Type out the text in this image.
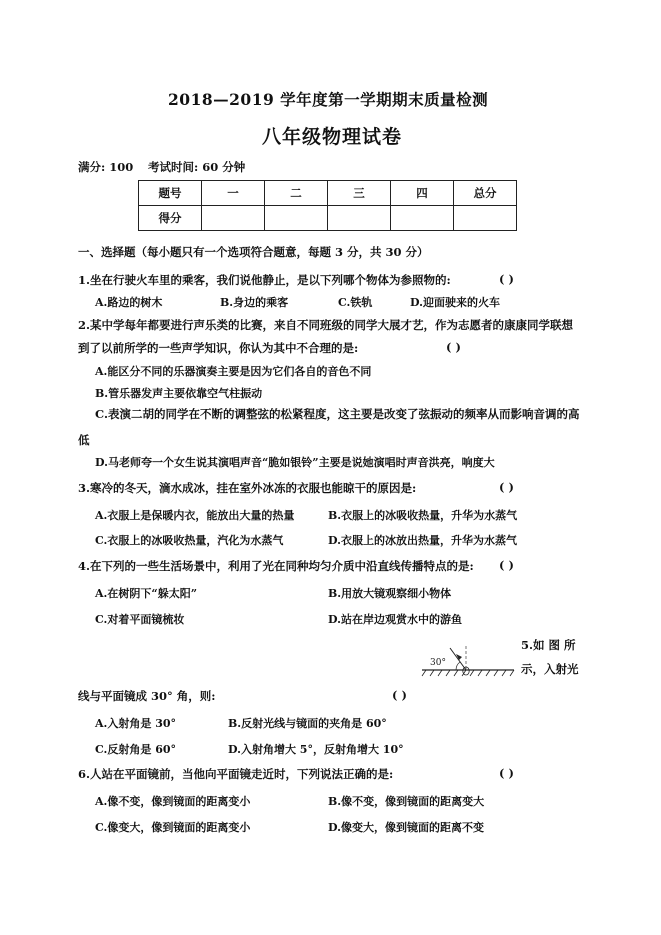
2018—2019 学年度第一学期期末质量检测
八年级物理试卷
满分: 100 考试时间: 60 分钟
题号	一	二	三	四	总分
得分					
一、选择题（每小题只有一个选项符合题意，每题 3 分，共 30 分）
1.坐在行驶火车里的乘客，我们说他静止，是以下列哪个物体为参照物的:	( )
A.路边的树木	B.身边的乘客	C.铁轨	D.迎面驶来的火车
2.某中学每年都要进行声乐类的比赛，来自不同班级的同学大展才艺，作为志愿者的康康同学联想
到了以前所学的一些声学知识，你认为其中不合理的是:	( )
A.能区分不同的乐器演奏主要是因为它们各自的音色不同
B.管乐器发声主要依靠空气柱振动
C.表演二胡的同学在不断的调整弦的松紧程度，这主要是改变了弦振动的频率从而影响音调的高低
D.马老师夸一个女生说其演唱声音“脆如银铃”主要是说她演唱时声音洪亮，响度大
3.寒冷的冬天，滴水成冰，挂在室外冰冻的衣服也能晾干的原因是:	( )
A.衣服上是保暖内衣，能放出大量的热量	B.衣服上的冰吸收热量，升华为水蒸气
C.衣服上的冰吸收热量，汽化为水蒸气	D.衣服上的冰放出热量，升华为水蒸气
4.在下列的一些生活场景中，利用了光在同种均匀介质中沿直线传播特点的是: ( )
A.在树阴下“躲太阳”	B.用放大镜观察细小物体
C.对着平面镜梳妆	D.站在岸边观赏水中的游鱼
30°
5.如 图 所
示，入射光
线与平面镜成 30° 角，则:	( )
A.入射角是 30°	B.反射光线与镜面的夹角是 60°
C.反射角是 60°	D.入射角增大 5°，反射角增大 10°
6.人站在平面镜前，当他向平面镜走近时，下列说法正确的是:	( )
A.像不变，像到镜面的距离变小	B.像不变，像到镜面的距离变大
C.像变大，像到镜面的距离变小	D.像变大，像到镜面的距离不变
